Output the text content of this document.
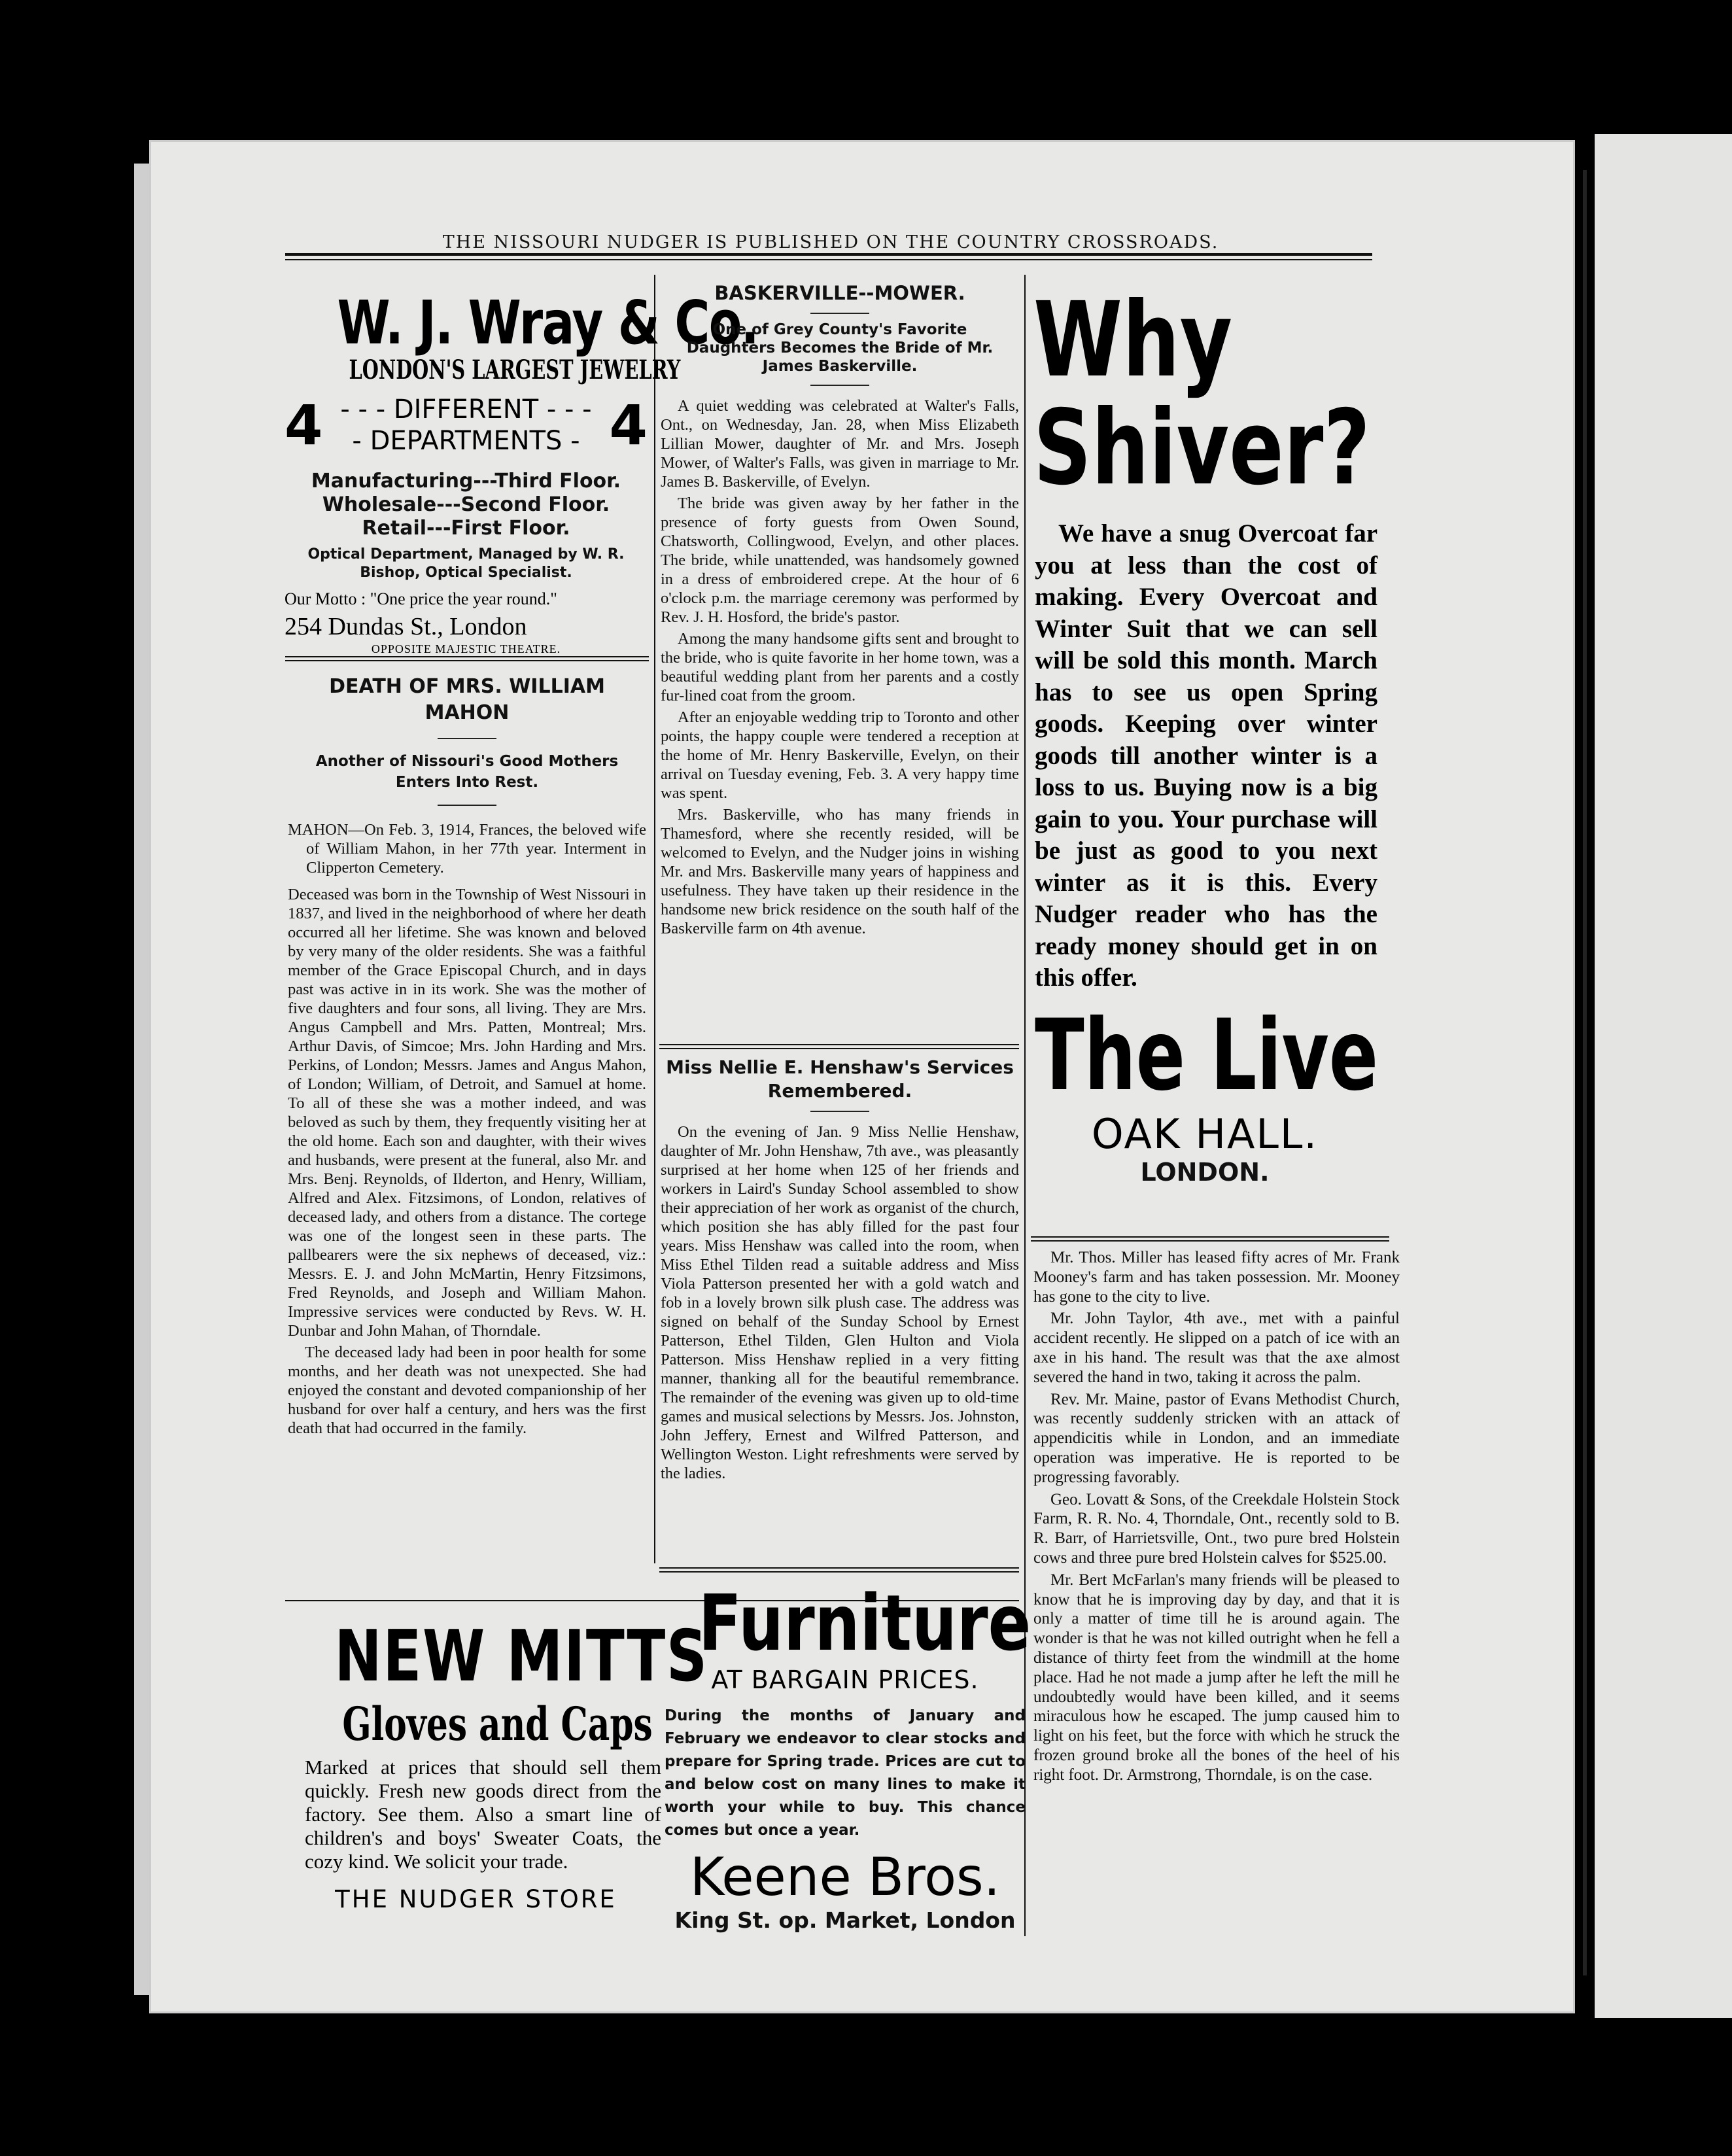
THE NISSOURI NUDGER IS PUBLISHED ON THE COUNTRY CROSSROADS.
W. J. Wray & Co.
LONDON'S LARGEST JEWELRY
4	4
- - - DIFFERENT - - -
- DEPARTMENTS -
Manufacturing---Third Floor.
Wholesale---Second Floor.
Retail---First Floor.
Optical Department, Managed by W. R. Bishop, Optical Specialist.
Our Motto : "One price the year round."
254 Dundas St., London
OPPOSITE MAJESTIC THEATRE.
DEATH OF MRS. WILLIAM MAHON
Another of Nissouri's Good Mothers Enters Into Rest.
MAHON—On Feb. 3, 1914, Frances, the beloved wife of William Mahon, in her 77th year. Interment in Clipperton Cemetery.

Deceased was born in the Township of West Nissouri in 1837, and lived in the neighborhood of where her death occurred all her lifetime. She was known and beloved by very many of the older residents. She was a faithful member of the Grace Episcopal Church, and in days past was active in in its work. She was the mother of five daughters and four sons, all living. They are Mrs. Angus Campbell and Mrs. Patten, Montreal; Mrs. Arthur Davis, of Simcoe; Mrs. John Harding and Mrs. Perkins, of London; Messrs. James and Angus Mahon, of London; William, of Detroit, and Samuel at home. To all of these she was a mother indeed, and was beloved as such by them, they frequently visiting her at the old home. Each son and daughter, with their wives and husbands, were present at the funeral, also Mr. and Mrs. Benj. Reynolds, of Ilderton, and Henry, William, Alfred and Alex. Fitzsimons, of London, relatives of deceased lady, and others from a distance. The cortege was one of the longest seen in these parts. The pallbearers were the six nephews of deceased, viz.: Messrs. E. J. and John McMartin, Henry Fitzsimons, Fred Reynolds, and Joseph and William Mahon. Impressive services were conducted by Revs. W. H. Dunbar and John Mahan, of Thorndale.

The deceased lady had been in poor health for some months, and her death was not unexpected. She had enjoyed the constant and devoted companionship of her husband for over half a century, and hers was the first death that had occurred in the family.

NEW MITTS
Gloves and Caps
Marked at prices that should sell them quickly. Fresh new goods direct from the factory. See them. Also a smart line of children's and boys' Sweater Coats, the cozy kind. We solicit your trade.
THE NUDGER STORE
BASKERVILLE--MOWER.
One of Grey County's Favorite Daughters Becomes the Bride of Mr. James Baskerville.

A quiet wedding was celebrated at Walter's Falls, Ont., on Wednesday, Jan. 28, when Miss Elizabeth Lillian Mower, daughter of Mr. and Mrs. Joseph Mower, of Walter's Falls, was given in marriage to Mr. James B. Baskerville, of Evelyn.

The bride was given away by her father in the presence of forty guests from Owen Sound, Chatsworth, Collingwood, Evelyn, and other places. The bride, while unattended, was handsomely gowned in a dress of embroidered crepe. At the hour of 6 o'clock p.m. the marriage ceremony was performed by Rev. J. H. Hosford, the bride's pastor.

Among the many handsome gifts sent and brought to the bride, who is quite favorite in her home town, was a beautiful wedding plant from her parents and a costly fur-lined coat from the groom.

After an enjoyable wedding trip to Toronto and other points, the happy couple were tendered a reception at the home of Mr. Henry Baskerville, Evelyn, on their arrival on Tuesday evening, Feb. 3. A very happy time was spent.

Mrs. Baskerville, who has many friends in Thamesford, where she recently resided, will be welcomed to Evelyn, and the Nudger joins in wishing Mr. and Mrs. Baskerville many years of happiness and usefulness. They have taken up their residence in the handsome new brick residence on the south half of the Baskerville farm on 4th avenue.

Miss Nellie E. Henshaw's Services Remembered.

On the evening of Jan. 9 Miss Nellie Henshaw, daughter of Mr. John Henshaw, 7th ave., was pleasantly surprised at her home when 125 of her friends and workers in Laird's Sunday School assembled to show their appreciation of her work as organist of the church, which position she has ably filled for the past four years. Miss Henshaw was called into the room, when Miss Ethel Tilden read a suitable address and Miss Viola Patterson presented her with a gold watch and fob in a lovely brown silk plush case. The address was signed on behalf of the Sunday School by Ernest Patterson, Ethel Tilden, Glen Hulton and Viola Patterson. Miss Henshaw replied in a very fitting manner, thanking all for the beautiful remembrance. The remainder of the evening was given up to old-time games and musical selections by Messrs. Jos. Johnston, John Jeffery, Ernest and Wilfred Patterson, and Wellington Weston. Light refreshments were served by the ladies.

Furniture
AT BARGAIN PRICES.
During the months of January and February we endeavor to clear stocks and prepare for Spring trade. Prices are cut to and below cost on many lines to make it worth your while to buy. This chance comes but once a year.
Keene Bros.
King St. op. Market, London
Why
Shiver?
We have a snug Overcoat far you at less than the cost of making. Every Overcoat and Winter Suit that we can sell will be sold this month. March has to see us open Spring goods. Keeping over winter goods till another winter is a loss to us. Buying now is a big gain to you. Your purchase will be just as good to you next winter as it is this. Every Nudger reader who has the ready money should get in on this offer.
The Live
OAK HALL.
LONDON.

Mr. Thos. Miller has leased fifty acres of Mr. Frank Mooney's farm and has taken possession. Mr. Mooney has gone to the city to live.

Mr. John Taylor, 4th ave., met with a painful accident recently. He slipped on a patch of ice with an axe in his hand. The result was that the axe almost severed the hand in two, taking it across the palm.

Rev. Mr. Maine, pastor of Evans Methodist Church, was recently suddenly stricken with an attack of appendicitis while in London, and an immediate operation was imperative. He is reported to be progressing favorably.

Geo. Lovatt & Sons, of the Creekdale Holstein Stock Farm, R. R. No. 4, Thorndale, Ont., recently sold to B. R. Barr, of Harrietsville, Ont., two pure bred Holstein cows and three pure bred Holstein calves for $525.00.

Mr. Bert McFarlan's many friends will be pleased to know that he is improving day by day, and that it is only a matter of time till he is around again. The wonder is that he was not killed outright when he fell a distance of thirty feet from the windmill at the home place. Had he not made a jump after he left the mill he undoubtedly would have been killed, and it seems miraculous how he escaped. The jump caused him to light on his feet, but the force with which he struck the frozen ground broke all the bones of the heel of his right foot. Dr. Armstrong, Thorndale, is on the case.
